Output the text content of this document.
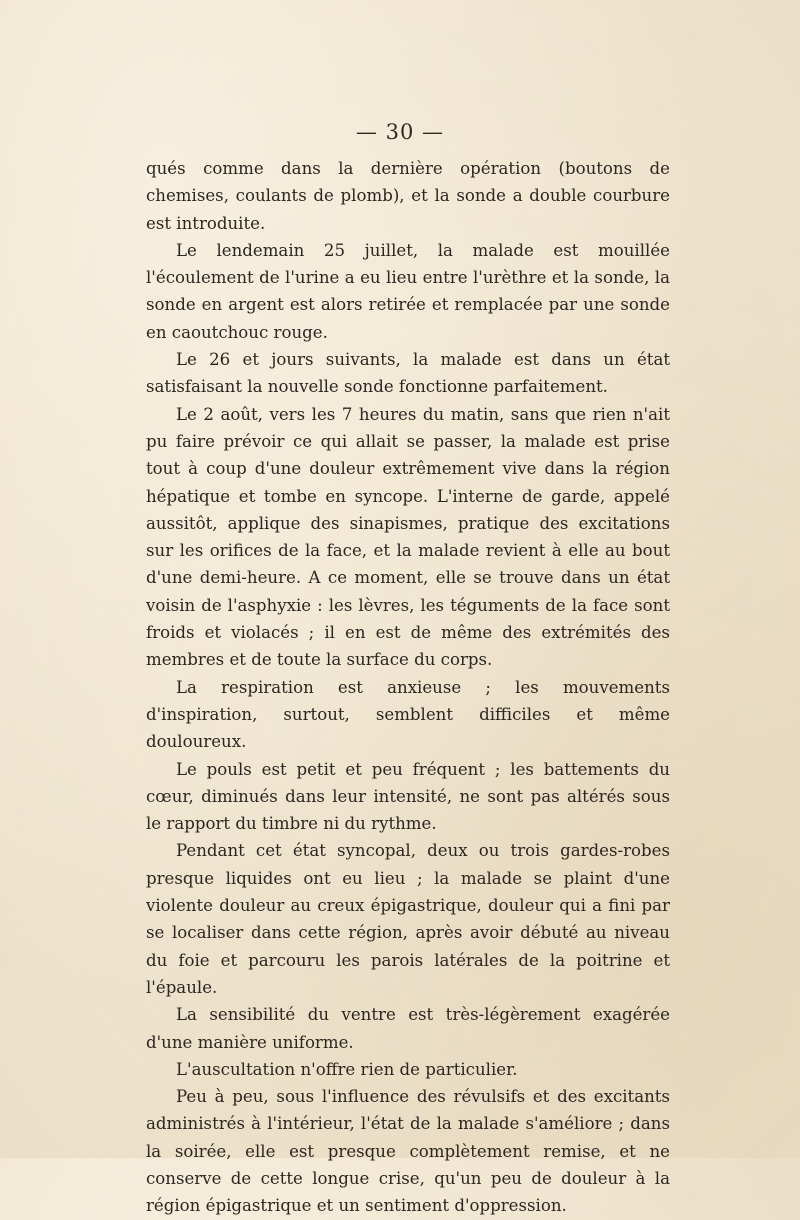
— 30 —

qués comme dans la dernière opération (boutons de chemises, coulants de plomb), et la sonde a double courbure est introduite.

Le lendemain 25 juillet, la malade est mouillée l'écoulement de l'urine a eu lieu entre l'urèthre et la sonde, la sonde en argent est alors retirée et remplacée par une sonde en caoutchouc rouge.

Le 26 et jours suivants, la malade est dans un état satisfaisant la nouvelle sonde fonctionne parfaitement.

Le 2 août, vers les 7 heures du matin, sans que rien n'ait pu faire prévoir ce qui allait se passer, la malade est prise tout à coup d'une douleur extrêmement vive dans la région hépatique et tombe en syncope. L'interne de garde, appelé aussitôt, applique des sinapismes, pratique des excitations sur les orifices de la face, et la malade revient à elle au bout d'une demi-heure. A ce moment, elle se trouve dans un état voisin de l'asphyxie : les lèvres, les téguments de la face sont froids et violacés ; il en est de même des extrémités des membres et de toute la surface du corps.

La respiration est anxieuse ; les mouvements d'inspiration, surtout, semblent difficiles et même douloureux.

Le pouls est petit et peu fréquent ; les battements du cœur, diminués dans leur intensité, ne sont pas altérés sous le rapport du timbre ni du rythme.

Pendant cet état syncopal, deux ou trois gardes-robes presque liquides ont eu lieu ; la malade se plaint d'une violente douleur au creux épigastrique, douleur qui a fini par se localiser dans cette région, après avoir débuté au niveau du foie et parcouru les parois latérales de la poitrine et l'épaule.

La sensibilité du ventre est très-légèrement exagérée d'une manière uniforme.

L'auscultation n'offre rien de particulier.

Peu à peu, sous l'influence des révulsifs et des excitants administrés à l'intérieur, l'état de la malade s'améliore ; dans la soirée, elle est presque complètement remise, et ne conserve de cette longue crise, qu'un peu de douleur à la région épigastrique et un sentiment d'oppression.
